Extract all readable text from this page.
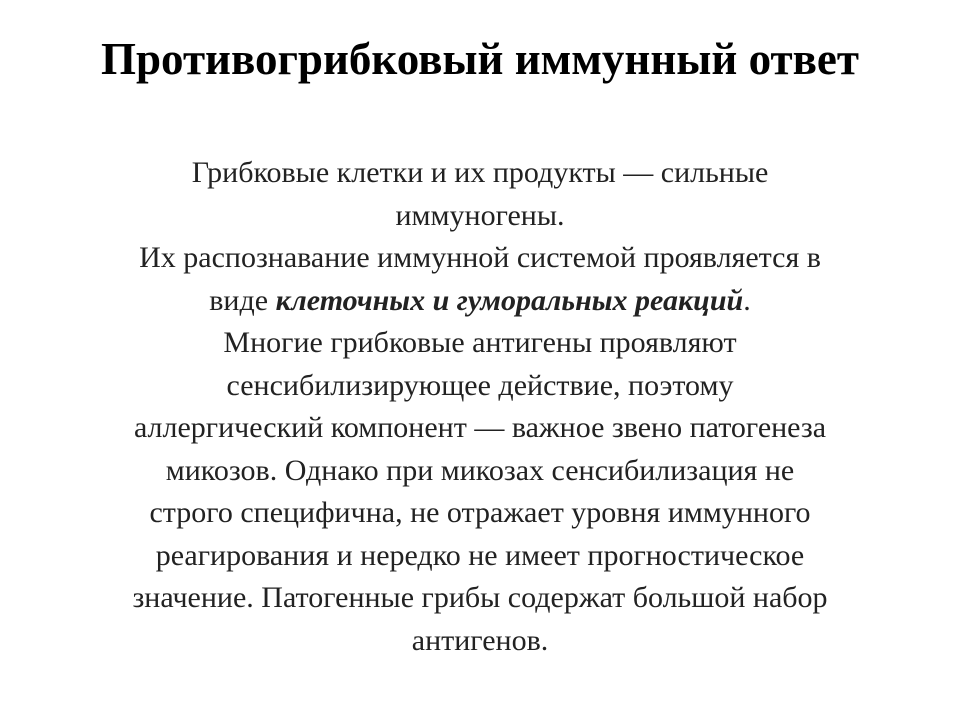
Противогрибковый иммунный ответ

Грибковые клетки и их продукты — сильные
иммуногены.
Их распознавание иммунной системой проявляется в
виде клеточных и гуморальных реакций.
Многие грибковые антигены проявляют
сенсибилизирующее действие, поэтому
аллергический компонент — важное звено патогенеза
микозов. Однако при микозах сенсибилизация не
строго специфична, не отражает уровня иммунного
реагирования и нередко не имеет прогностическое
значение. Патогенные грибы содержат большой набор
антигенов.
